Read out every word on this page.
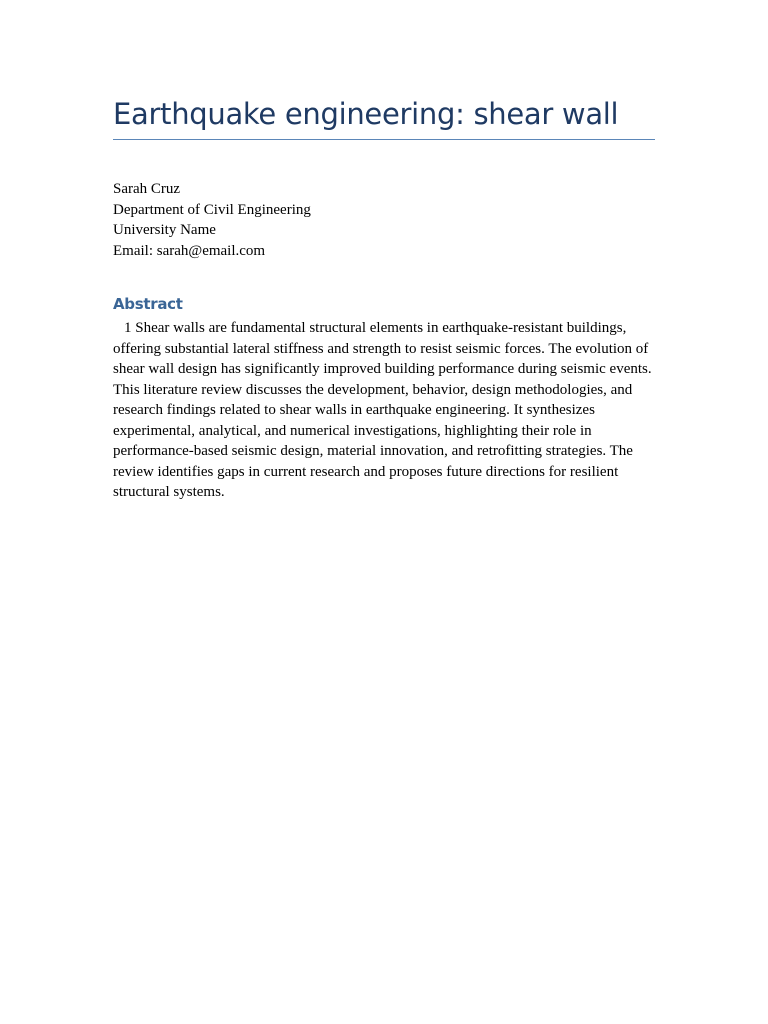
Earthquake engineering: shear wall
Sarah Cruz
Department of Civil Engineering
University Name
Email: sarah@email.com
Abstract

1 Shear walls are fundamental structural elements in earthquake-resistant buildings, offering substantial lateral stiffness and strength to resist seismic forces. The evolution of shear wall design has significantly improved building performance during seismic events. This literature review discusses the development, behavior, design methodologies, and research findings related to shear walls in earthquake engineering. It synthesizes experimental, analytical, and numerical investigations, highlighting their role in performance-based seismic design, material innovation, and retrofitting strategies. The review identifies gaps in current research and proposes future directions for resilient structural systems.
